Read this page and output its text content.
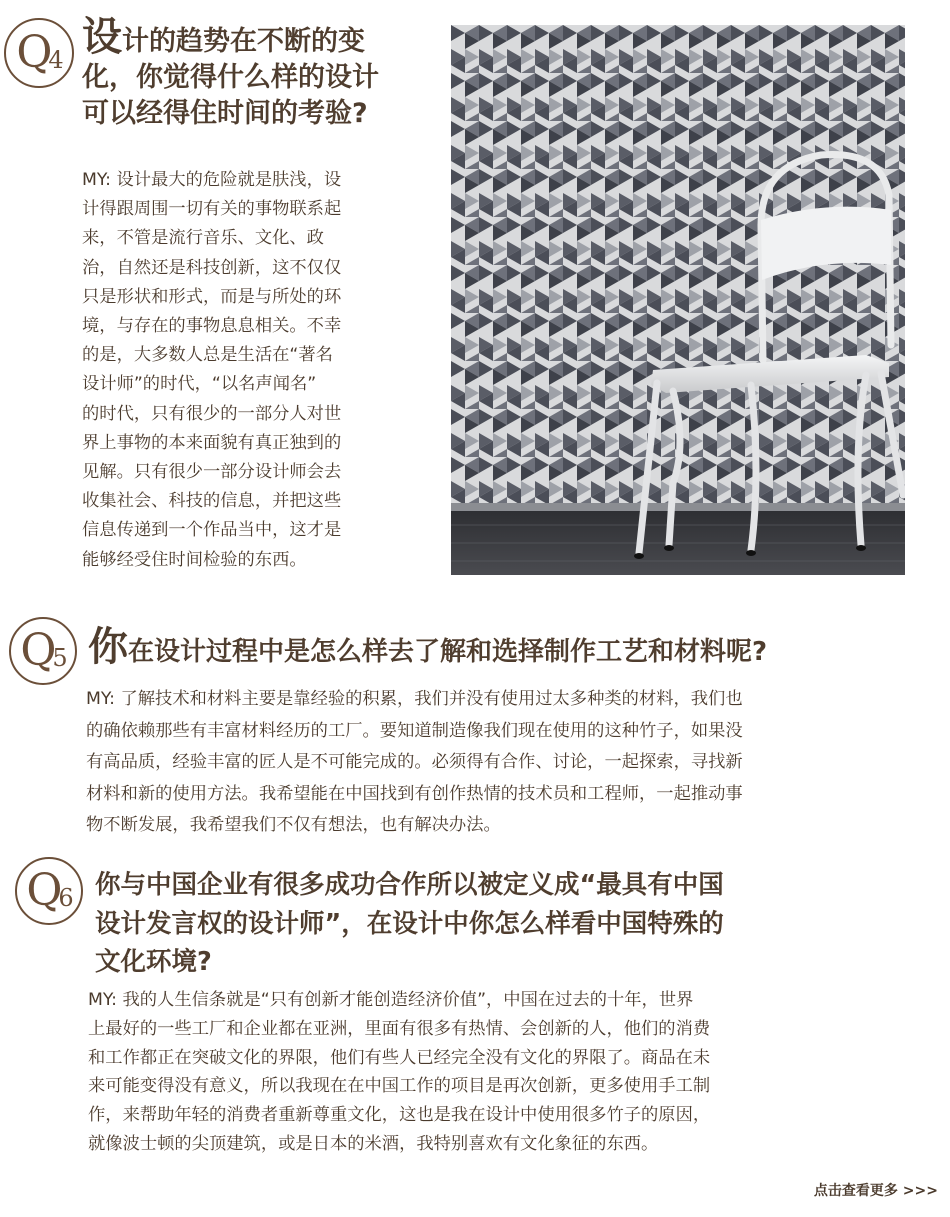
Q
4 设计的趋势在不断的变
化，你觉得什么样的设计
可以经得住时间的考验?

MY: 设计最大的危险就是肤浅，设

计得跟周围一切有关的事物联系起

来，不管是流行音乐、文化、政

治，自然还是科技创新，这不仅仅

只是形状和形式，而是与所处的环

境，与存在的事物息息相关。不幸

的是，大多数人总是生活在“著名

设计师”的时代，“以名声闻名”

的时代，只有很少的一部分人对世

界上事物的本来面貌有真正独到的

见解。只有很少一部分设计师会去

收集社会、科技的信息，并把这些

信息传递到一个作品当中，这才是

能够经受住时间检验的东西。

Q
5 你在设计过程中是怎么样去了解和选择制作工艺和材料呢?

MY: 了解技术和材料主要是靠经验的积累，我们并没有使用过太多种类的材料，我们也

的确依赖那些有丰富材料经历的工厂。要知道制造像我们现在使用的这种竹子，如果没

有高品质，经验丰富的匠人是不可能完成的。必须得有合作、讨论，一起探索，寻找新

材料和新的使用方法。我希望能在中国找到有创作热情的技术员和工程师，一起推动事

物不断发展，我希望我们不仅有想法，也有解决办法。

Q
6 你与中国企业有很多成功合作所以被定义成“最具有中国
设计发言权的设计师”，在设计中你怎么样看中国特殊的
文化环境?

MY: 我的人生信条就是“只有创新才能创造经济价值”，中国在过去的十年，世界

上最好的一些工厂和企业都在亚洲，里面有很多有热情、会创新的人，他们的消费

和工作都正在突破文化的界限，他们有些人已经完全没有文化的界限了。商品在未

来可能变得没有意义，所以我现在在中国工作的项目是再次创新，更多使用手工制

作，来帮助年轻的消费者重新尊重文化，这也是我在设计中使用很多竹子的原因，

就像波士顿的尖顶建筑，或是日本的米酒，我特别喜欢有文化象征的东西。

点击查看更多 >>>
